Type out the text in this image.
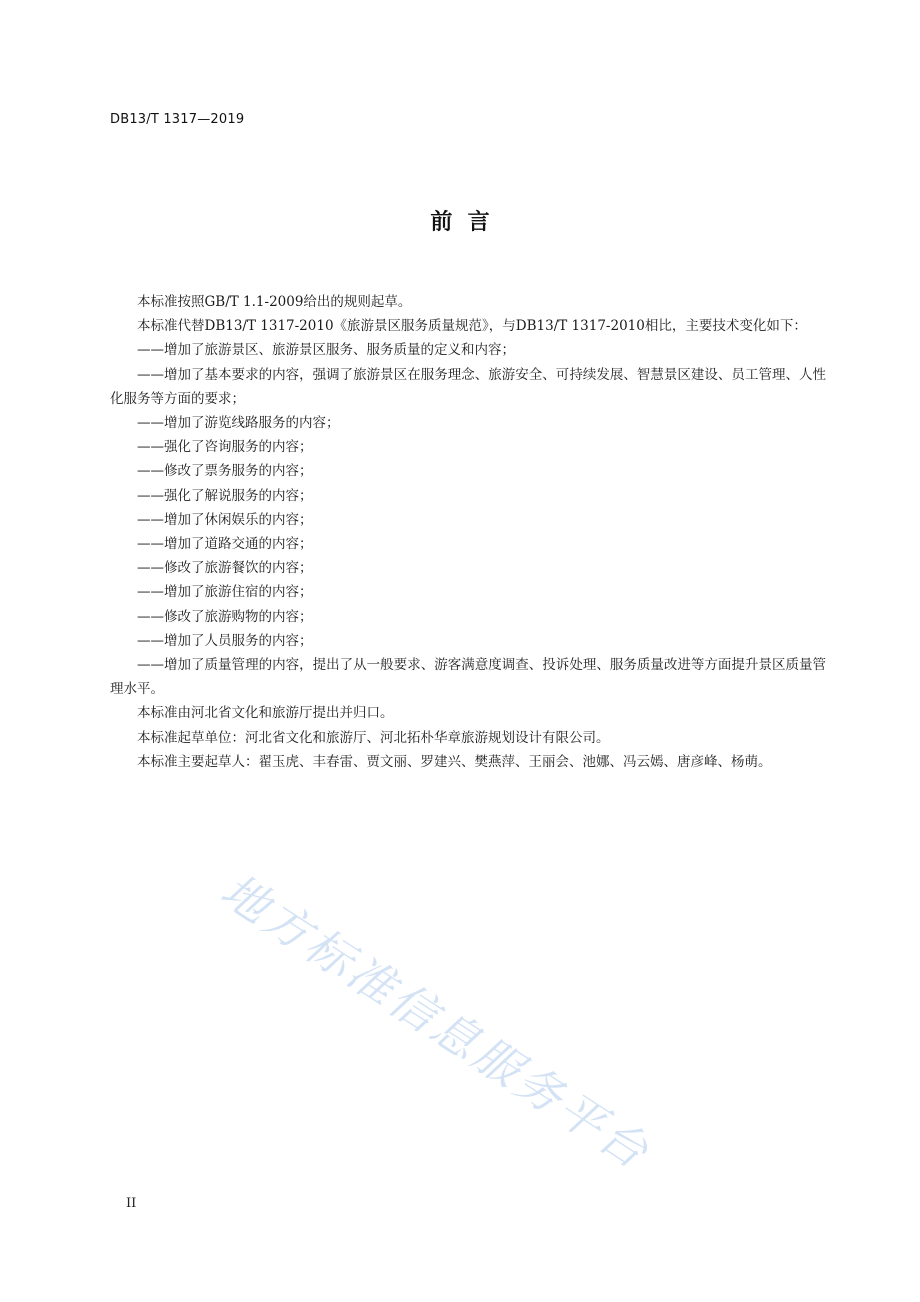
DB13/T 1317—2019
前  言

本标准按照GB/T 1.1-2009给出的规则起草。

本标准代替DB13/T 1317-2010《旅游景区服务质量规范》，与DB13/T 1317-2010相比，主要技术变化如下：

——增加了旅游景区、旅游景区服务、服务质量的定义和内容；

——增加了基本要求的内容，强调了旅游景区在服务理念、旅游安全、可持续发展、智慧景区建设、员工管理、人性化服务等方面的要求；

——增加了游览线路服务的内容；

——强化了咨询服务的内容；

——修改了票务服务的内容；

——强化了解说服务的内容；

——增加了休闲娱乐的内容；

——增加了道路交通的内容；

——修改了旅游餐饮的内容；

——增加了旅游住宿的内容；

——修改了旅游购物的内容；

——增加了人员服务的内容；

——增加了质量管理的内容，提出了从一般要求、游客满意度调查、投诉处理、服务质量改进等方面提升景区质量管理水平。

本标准由河北省文化和旅游厅提出并归口。

本标准起草单位：河北省文化和旅游厅、河北拓朴华章旅游规划设计有限公司。

本标准主要起草人：翟玉虎、丰春雷、贾文丽、罗建兴、樊燕萍、王丽会、池娜、冯云嫣、唐彦峰、杨萌。

地方标准信息服务平台
II
